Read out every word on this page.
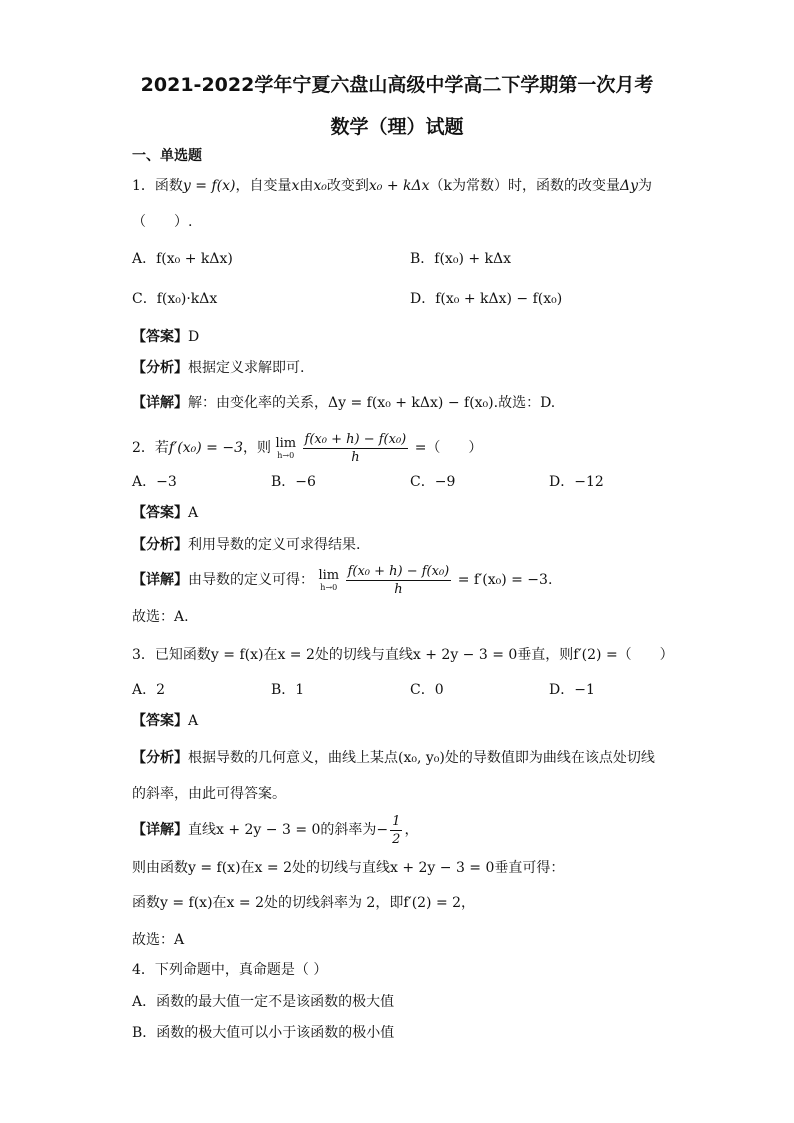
2021-2022学年宁夏六盘山高级中学高二下学期第一次月考
数学（理）试题
一、单选题
1．函数y = f(x)，自变量x由x₀改变到x₀ + kΔx（k为常数）时，函数的改变量Δy为
（　　）.
A．f(x₀ + kΔx)	B．f(x₀) + kΔx
C．f(x₀)·kΔx	D．f(x₀ + kΔx) − f(x₀)
【答案】D
【分析】根据定义求解即可.
【详解】解：由变化率的关系，Δy = f(x₀ + kΔx) − f(x₀).故选：D.
2．若f′(x₀) = −3，则 lim
h→0
$\frac{\text{f(x₀ + h) − f(x₀)}}{h}$ =（　　）
A．−3	B．−6	C．−9	D．−12
【答案】A
【分析】利用导数的定义可求得结果.
【详解】由导数的定义可得： lim
h→0
$\frac{\text{f(x₀ + h) − f(x₀)}}{h} = f'(x_0) = -3$.
故选：A.
3．已知函数y = f(x)在x = 2处的切线与直线x + 2y − 3 = 0垂直，则f′(2) =（　　）
A．2	B．1	C．0	D．−1
【答案】A
【分析】根据导数的几何意义，曲线上某点(x₀, y₀)处的导数值即为曲线在该点处切线
的斜率，由此可得答案。
【详解】直线x + 2y − 3 = 0的斜率为− $\frac{1}{2}$ ，
则由函数y = f(x)在x = 2处的切线与直线x + 2y − 3 = 0垂直可得：
函数y = f(x)在x = 2处的切线斜率为 2，即f′(2) = 2，
故选：A
4．下列命题中，真命题是（ ）
A．函数的最大值一定不是该函数的极大值
B．函数的极大值可以小于该函数的极小值
